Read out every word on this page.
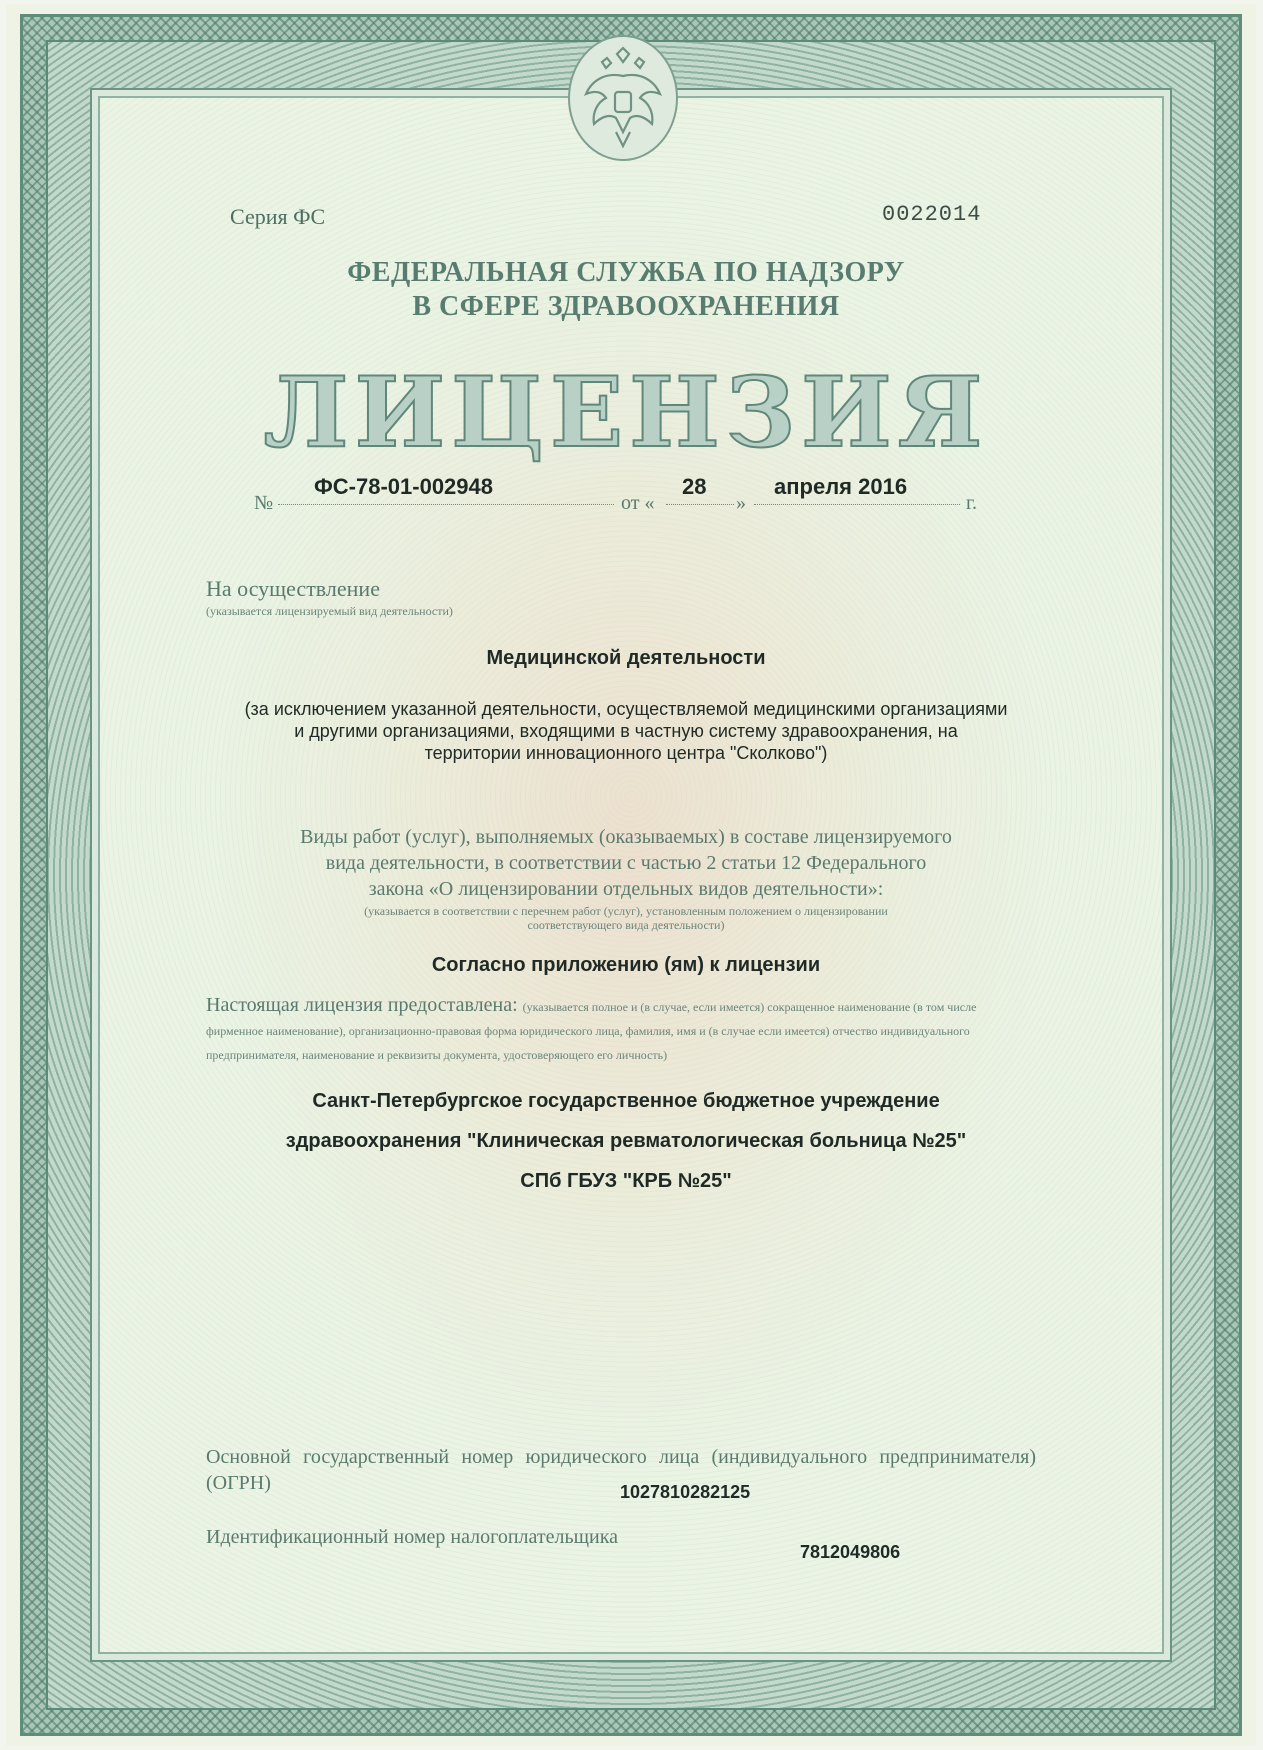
Серия ФС	0022014
ФЕДЕРАЛЬНАЯ СЛУЖБА ПО НАДЗОРУ
В СФЕРЕ ЗДРАВООХРАНЕНИЯ
ЛИЦЕНЗИЯ
№
ФС-78-01-002948
от «
28
»
апреля 2016
г.
На осуществление
(указывается лицензируемый вид деятельности)
Медицинской деятельности
(за исключением указанной деятельности, осуществляемой медицинскими организациями
и другими организациями, входящими в частную систему здравоохранения, на
территории инновационного центра "Сколково")
Виды работ (услуг), выполняемых (оказываемых) в составе лицензируемого
вида деятельности, в соответствии с частью 2 статьи 12 Федерального
закона «О лицензировании отдельных видов деятельности»:
(указывается в соответствии с перечнем работ (услуг), установленным положением о лицензировании
соответствующего вида деятельности)
Согласно приложению (ям) к лицензии
Настоящая лицензия предоставлена: (указывается полное и (в случае, если имеется) сокращенное наименование (в том числе фирменное наименование), организационно-правовая форма юридического лица, фамилия, имя и (в случае если имеется) отчество индивидуального предпринимателя, наименование и реквизиты документа, удостоверяющего его личность)
Санкт-Петербургское государственное бюджетное учреждение
здравоохранения "Клиническая ревматологическая больница №25"
СПб ГБУЗ "КРБ №25"
Основной государственный номер юридического лица (индивидуального предпринимателя) (ОГРН)	1027810282125
Идентификационный номер налогоплательщика
7812049806
